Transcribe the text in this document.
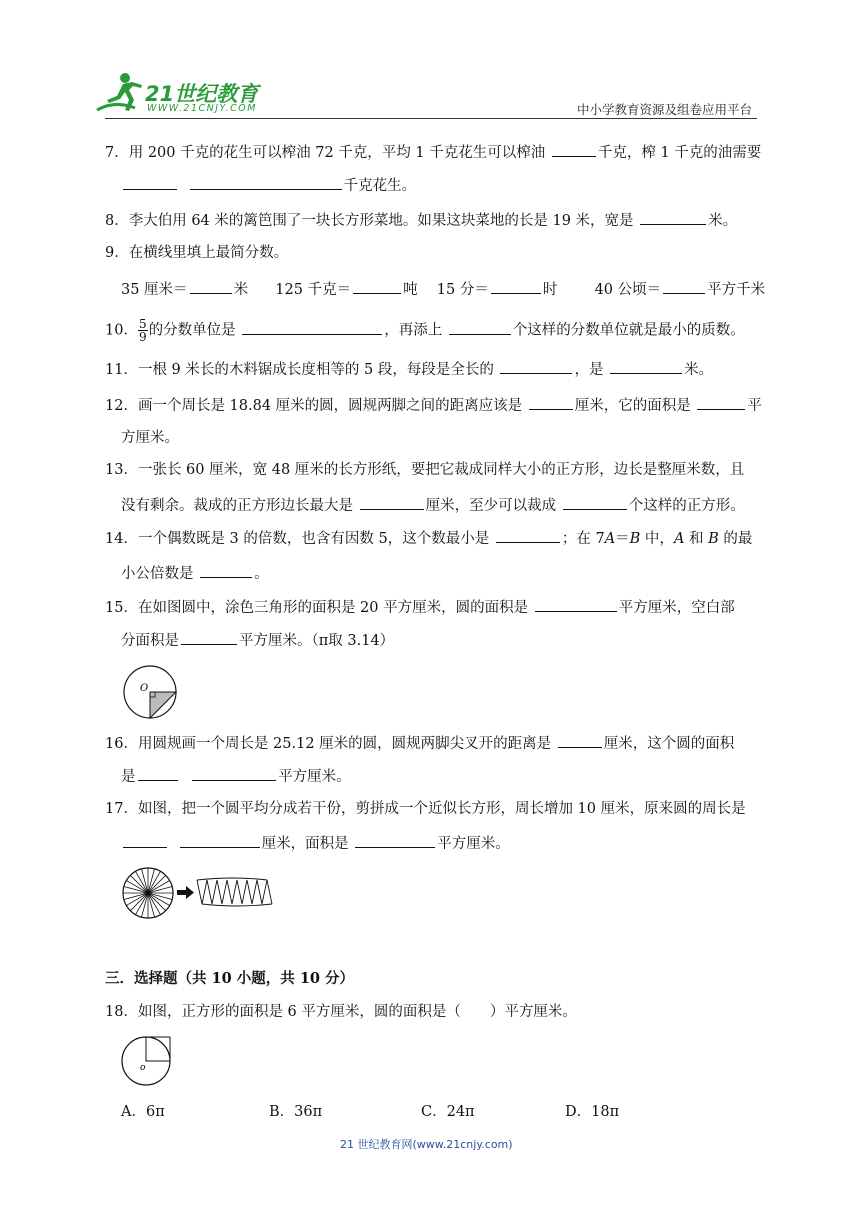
21世纪教育
WWW.21CNJY.COM	中小学教育资源及组卷应用平台
7．用 200 千克的花生可以榨油 72 千克，平均 1 千克花生可以榨油	千克，榨 1 千克的油需要
千克花生。
8．李大伯用 64 米的篱笆围了一块长方形菜地。如果这块菜地的长是 19 米，宽是	米。
9．在横线里填上最简分数。
35 厘米＝	米 125 千克＝	吨 15 分＝	时	40 公顷＝	平方千米
10． $\frac{5}{9}$ 的分数单位是	，再添上	个这样的分数单位就是最小的质数。
11．一根 9 米长的木料锯成长度相等的 5 段，每段是全长的	，是	米。
12．画一个周长是 18.84 厘米的圆，圆规两脚之间的距离应该是	厘米，它的面积是	平
方厘米。
13．一张长 60 厘米，宽 48 厘米的长方形纸，要把它裁成同样大小的正方形，边长是整厘米数，且
没有剩余。裁成的正方形边长最大是	厘米，至少可以裁成	个这样的正方形。
14．一个偶数既是 3 的倍数，也含有因数 5，这个数最小是	；在 7A＝B 中，A 和 B 的最
小公倍数是	。
15．在如图圆中，涂色三角形的面积是 20 平方厘米，圆的面积是	平方厘米，空白部
分面积是	平方厘米。（π取 3.14）
O
16．用圆规画一个周长是 25.12 厘米的圆，圆规两脚尖叉开的距离是	厘米，这个圆的面积
是	平方厘米。
17．如图，把一个圆平均分成若干份，剪拼成一个近似长方形，周长增加 10 厘米，原来圆的周长是
厘米，面积是	平方厘米。
三．选择题（共 10 小题，共 10 分）
18．如图，正方形的面积是 6 平方厘米，圆的面积是（　　）平方厘米。
o
A．6π	B．36π	C．24π	D．18π
21 世纪教育网(www.21cnjy.com)
